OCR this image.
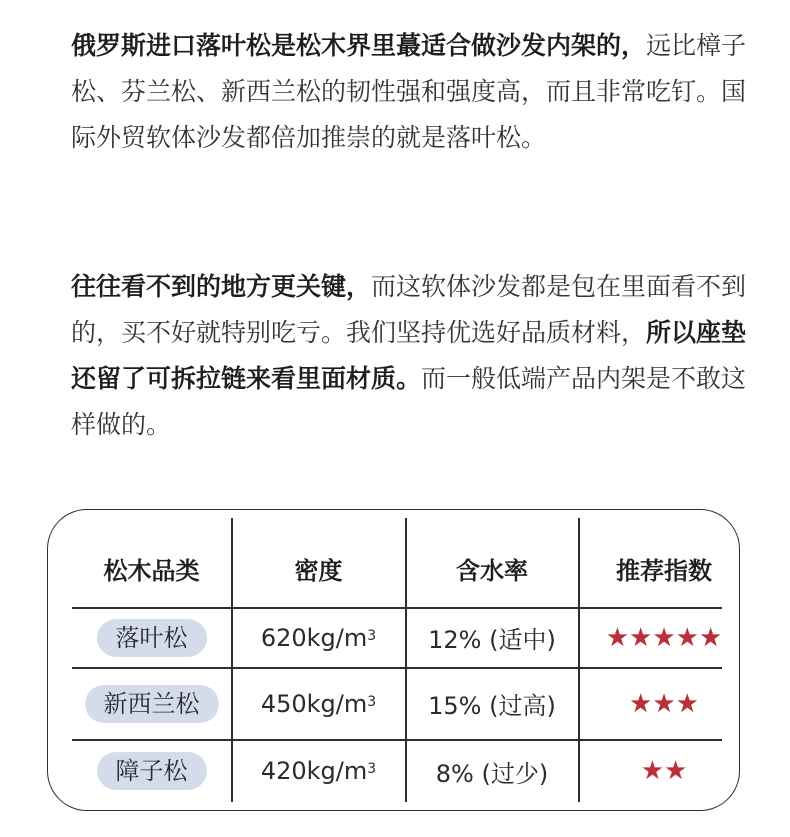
俄罗斯进口落叶松是松木界里蕞适合做沙发内架的，远比樟子松、芬兰松、新西兰松的韧性强和强度高，而且非常吃钉。国际外贸软体沙发都倍加推崇的就是落叶松。

往往看不到的地方更关键，而这软体沙发都是包在里面看不到的，买不好就特别吃亏。我们坚持优选好品质材料，所以座垫还留了可拆拉链来看里面材质。而一般低端产品内架是不敢这样做的。

松木品类	密度	含水率	推荐指数
落叶松	$620kg/m^3$	12% (适中)	★★★★★
新西兰松	$450kg/m^3$	15% (过高)	★★★
障子松	$420kg/m^3$	8% (过少)	★★
